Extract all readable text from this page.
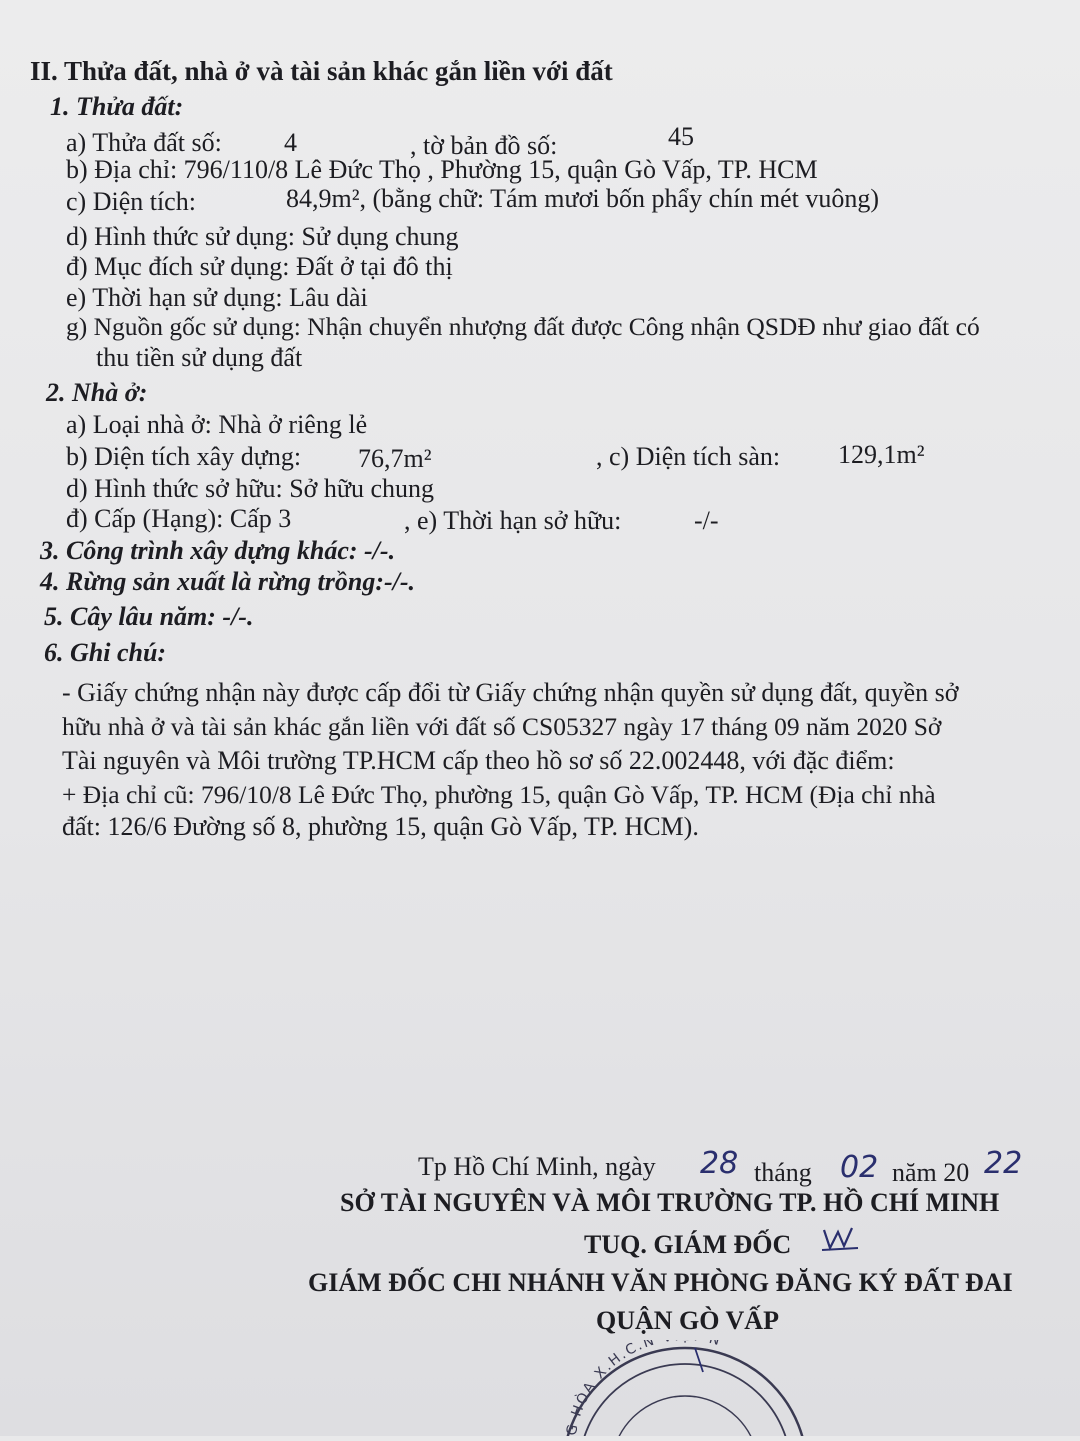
II. Thửa đất, nhà ở và tài sản khác gắn liền với đất
1. Thửa đất:
a) Thửa đất số: 4	, tờ bản đồ số:	45
b) Địa chỉ: 796/110/8 Lê Đức Thọ , Phường 15, quận Gò Vấp, TP. HCM
c) Diện tích:	84,9m², (bằng chữ: Tám mươi bốn phẩy chín mét vuông)
d) Hình thức sử dụng: Sử dụng chung
đ) Mục đích sử dụng: Đất ở tại đô thị
e) Thời hạn sử dụng: Lâu dài
g) Nguồn gốc sử dụng: Nhận chuyển nhượng đất được Công nhận QSDĐ như giao đất có
thu tiền sử dụng đất
2. Nhà ở:
a) Loại nhà ở: Nhà ở riêng lẻ
b) Diện tích xây dựng: 76,7m²	, c) Diện tích sàn: 129,1m²
d) Hình thức sở hữu: Sở hữu chung
đ) Cấp (Hạng): Cấp 3	, e) Thời hạn sở hữu:	-/-
3. Công trình xây dựng khác: -/-.
4. Rừng sản xuất là rừng trồng:-/-.
5. Cây lâu năm: -/-.
6. Ghi chú:
- Giấy chứng nhận này được cấp đổi từ Giấy chứng nhận quyền sử dụng đất, quyền sở
hữu nhà ở và tài sản khác gắn liền với đất số CS05327 ngày 17 tháng 09 năm 2020 Sở
Tài nguyên và Môi trường TP.HCM cấp theo hồ sơ số 22.002448, với đặc điểm:
+ Địa chỉ cũ: 796/10/8 Lê Đức Thọ, phường 15, quận Gò Vấp, TP. HCM (Địa chỉ nhà
đất: 126/6 Đường số 8, phường 15, quận Gò Vấp, TP. HCM).
Tp Hồ Chí Minh, ngày 28 tháng 02 năm 20 22
SỞ TÀI NGUYÊN VÀ MÔI TRƯỜNG TP. HỒ CHÍ MINH
TUQ. GIÁM ĐỐC
GIÁM ĐỐC CHI NHÁNH VĂN PHÒNG ĐĂNG KÝ ĐẤT ĐAI
QUẬN GÒ VẤP
G HÒA X.H.C.N N
